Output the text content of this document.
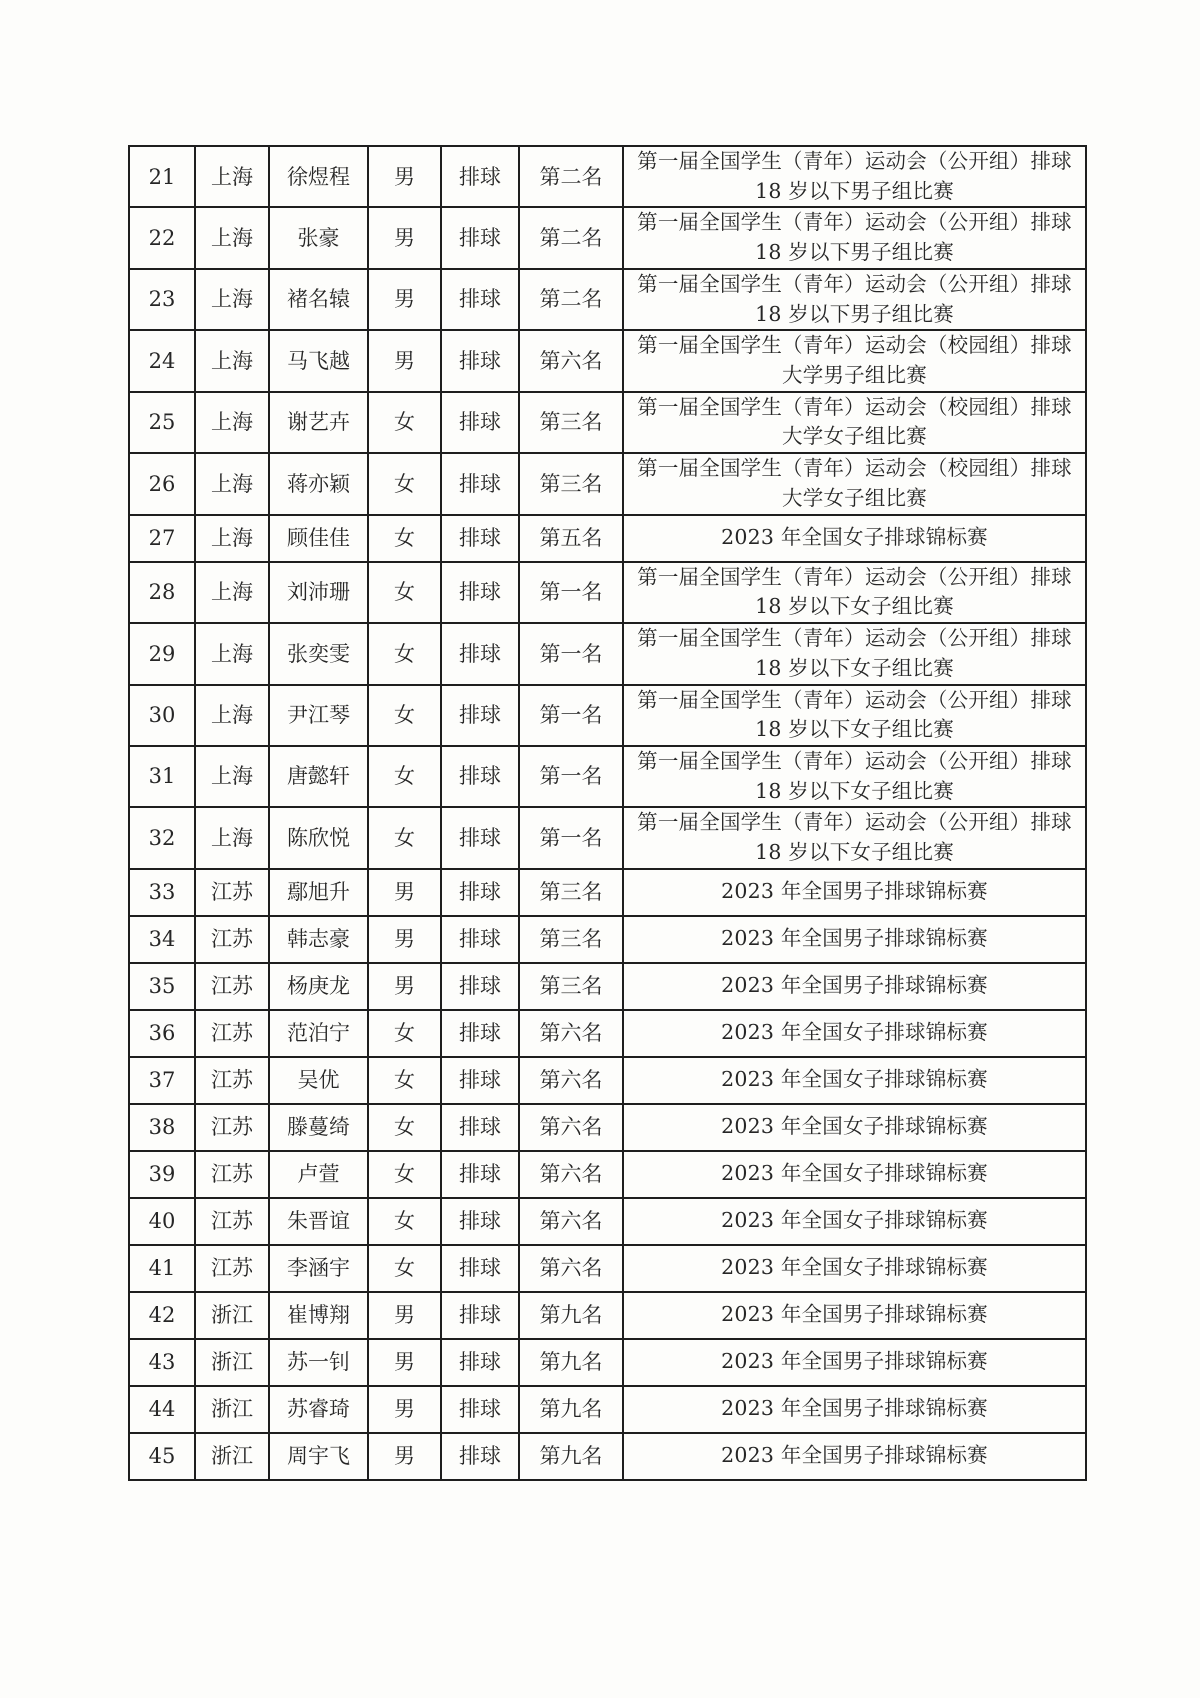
21	上海	徐煜程	男	排球	第二名	第一届全国学生（青年）运动会（公开组）排球
18 岁以下男子组比赛

22	上海	张豪	男	排球	第二名	第一届全国学生（青年）运动会（公开组）排球
18 岁以下男子组比赛

23	上海	褚名辕	男	排球	第二名	第一届全国学生（青年）运动会（公开组）排球
18 岁以下男子组比赛

24	上海	马飞越	男	排球	第六名	第一届全国学生（青年）运动会（校园组）排球
大学男子组比赛

25	上海	谢艺卉	女	排球	第三名	第一届全国学生（青年）运动会（校园组）排球
大学女子组比赛

26	上海	蒋亦颖	女	排球	第三名	第一届全国学生（青年）运动会（校园组）排球
大学女子组比赛

27	上海	顾佳佳	女	排球	第五名	2023 年全国女子排球锦标赛

28	上海	刘沛珊	女	排球	第一名	第一届全国学生（青年）运动会（公开组）排球
18 岁以下女子组比赛

29	上海	张奕雯	女	排球	第一名	第一届全国学生（青年）运动会（公开组）排球
18 岁以下女子组比赛

30	上海	尹江琴	女	排球	第一名	第一届全国学生（青年）运动会（公开组）排球
18 岁以下女子组比赛

31	上海	唐懿轩	女	排球	第一名	第一届全国学生（青年）运动会（公开组）排球
18 岁以下女子组比赛

32	上海	陈欣悦	女	排球	第一名	第一届全国学生（青年）运动会（公开组）排球
18 岁以下女子组比赛

33	江苏	鄢旭升	男	排球	第三名	2023 年全国男子排球锦标赛

34	江苏	韩志豪	男	排球	第三名	2023 年全国男子排球锦标赛

35	江苏	杨庚龙	男	排球	第三名	2023 年全国男子排球锦标赛

36	江苏	范泊宁	女	排球	第六名	2023 年全国女子排球锦标赛

37	江苏	吴优	女	排球	第六名	2023 年全国女子排球锦标赛

38	江苏	滕蔓绮	女	排球	第六名	2023 年全国女子排球锦标赛

39	江苏	卢萱	女	排球	第六名	2023 年全国女子排球锦标赛

40	江苏	朱晋谊	女	排球	第六名	2023 年全国女子排球锦标赛

41	江苏	李涵宇	女	排球	第六名	2023 年全国女子排球锦标赛

42	浙江	崔博翔	男	排球	第九名	2023 年全国男子排球锦标赛

43	浙江	苏一钊	男	排球	第九名	2023 年全国男子排球锦标赛

44	浙江	苏睿琦	男	排球	第九名	2023 年全国男子排球锦标赛

45	浙江	周宇飞	男	排球	第九名	2023 年全国男子排球锦标赛
